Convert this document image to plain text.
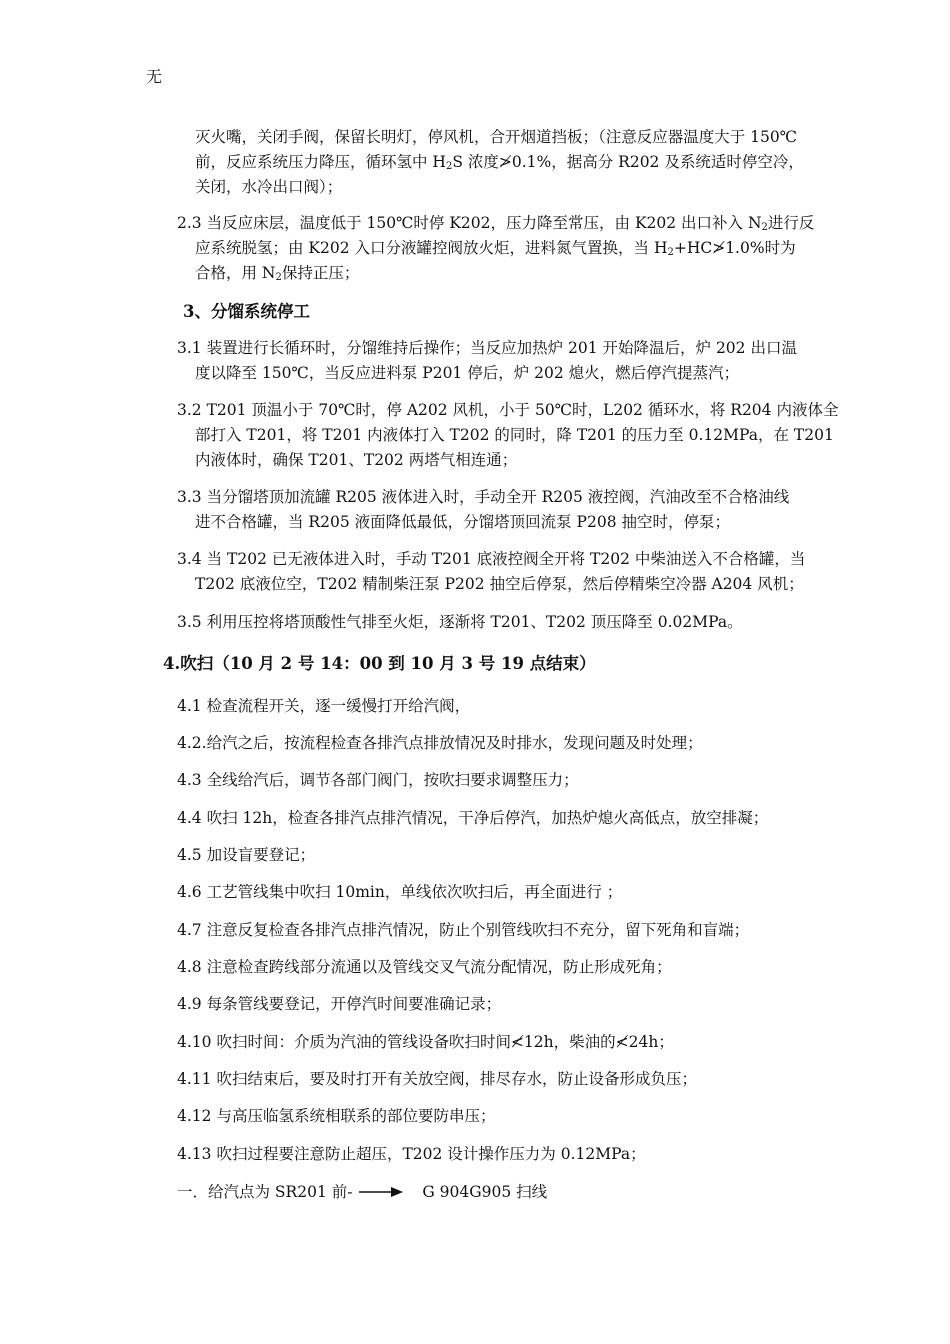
无
灭火嘴，关闭手阀，保留长明灯，停风机，合开烟道挡板；（注意反应器温度大于 150℃
前，反应系统压力降压，循环氢中 $H_2S$ 浓度≯0.1%，据高分 R202 及系统适时停空冷，
关闭，水冷出口阀）；
2.3 当反应床层，温度低于 150℃时停 K202，压力降至常压，由 K202 出口补入 $N_2$进行反
应系统脱氢；由 K202 入口分液罐控阀放火炬，进料氮气置换，当 $H_2+HC≯1.0\%$时为
合格，用 $N_2$保持正压；
3、分馏系统停工
3.1 装置进行长循环时，分馏维持后操作；当反应加热炉 201 开始降温后，炉 202 出口温
度以降至 150℃，当反应进料泵 P201 停后，炉 202 熄火，燃后停汽提蒸汽；
3.2 T201 顶温小于 70℃时，停 A202 风机，小于 50℃时，L202 循环水，将 R204 内液体全
部打入 T201，将 T201 内液体打入 T202 的同时，降 T201 的压力至 0.12MPa，在 T201
内液体时，确保 T201、T202 两塔气相连通；
3.3 当分馏塔顶加流罐 R205 液体进入时，手动全开 R205 液控阀，汽油改至不合格油线
进不合格罐，当 R205 液面降低最低，分馏塔顶回流泵 P208 抽空时，停泵；
3.4 当 T202 已无液体进入时，手动 T201 底液控阀全开将 T202 中柴油送入不合格罐，当
T202 底液位空，T202 精制柴汪泵 P202 抽空后停泵，然后停精柴空冷器 A204 风机；
3.5 利用压控将塔顶酸性气排至火炬，逐渐将 T201、T202 顶压降至 0.02MPa。
4.吹扫（10 月 2 号 14：00 到 10 月 3 号 19 点结束）
4.1 检查流程开关，逐一缓慢打开给汽阀，
4.2.给汽之后，按流程检查各排汽点排放情况及时排水，发现问题及时处理；
4.3 全线给汽后，调节各部门阀门，按吹扫要求调整压力；
4.4 吹扫 12h，检查各排汽点排汽情况，干净后停汽，加热炉熄火高低点，放空排凝；
4.5 加设盲要登记；
4.6 工艺管线集中吹扫 10min，单线依次吹扫后，再全面进行 ；
4.7 注意反复检查各排汽点排汽情况，防止个别管线吹扫不充分，留下死角和盲端；
4.8 注意检查跨线部分流通以及管线交叉气流分配情况，防止形成死角；
4.9 每条管线要登记，开停汽时间要准确记录；
4.10 吹扫时间：介质为汽油的管线设备吹扫时间≮12h，柴油的≮24h；
4.11 吹扫结束后，要及时打开有关放空阀，排尽存水，防止设备形成负压；
4.12 与高压临氢系统相联系的部位要防串压；
4.13 吹扫过程要注意防止超压，T202 设计操作压力为 0.12MPa；
一．给汽点为 SR201 前-	G 904G905 扫线
